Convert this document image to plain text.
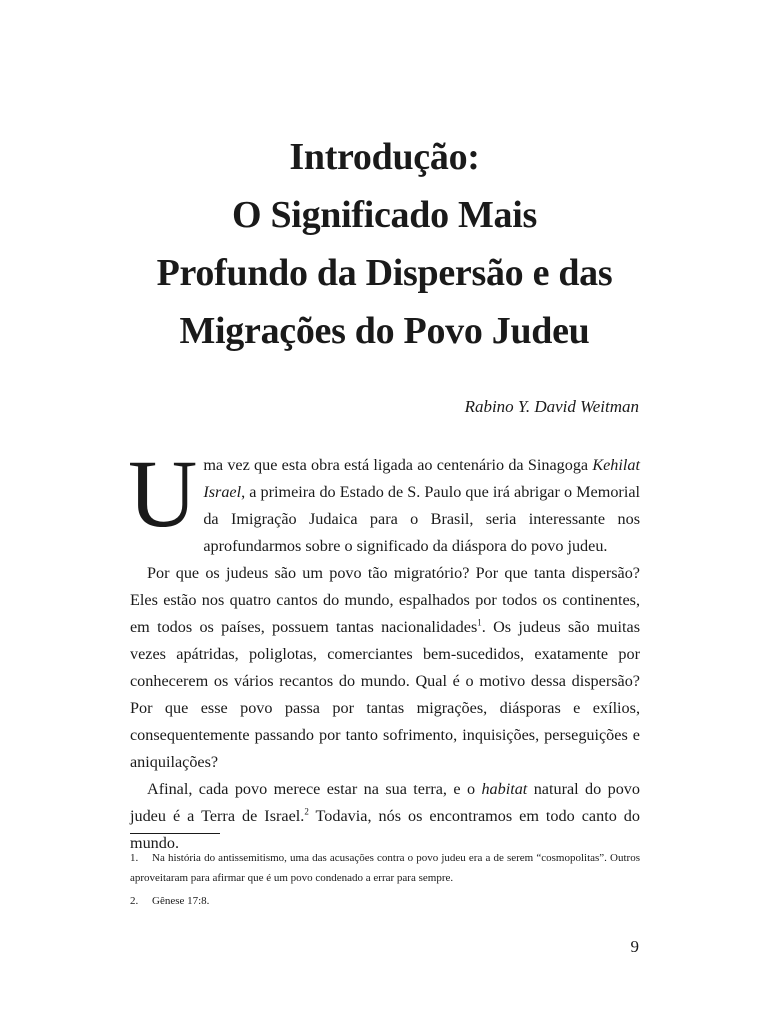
Introdução:
O Significado Mais
Profundo da Dispersão e das
Migrações do Povo Judeu
Rabino Y. David Weitman

Uma vez que esta obra está ligada ao centenário da Sinagoga Kehilat Israel, a primeira do Estado de S. Paulo que irá abrigar o Memorial da Imigração Judaica para o Brasil, seria interessante nos aprofundarmos sobre o significado da diáspora do povo judeu.

Por que os judeus são um povo tão migratório? Por que tanta dispersão? Eles estão nos quatro cantos do mundo, espalhados por todos os continentes, em todos os países, possuem tantas nacionalidades$^1$. Os judeus são muitas vezes apátridas, poliglotas, comerciantes bem-sucedidos, exatamente por conhecerem os vários recantos do mundo. Qual é o motivo dessa dispersão? Por que esse povo passa por tantas migrações, diásporas e exílios, consequentemente passando por tanto sofrimento, inquisições, perseguições e aniquilações?

Afinal, cada povo merece estar na sua terra, e o habitat natural do povo judeu é a Terra de Israel.$^2$ Todavia, nós os encontramos em todo canto do mundo.

1. Na história do antissemitismo, uma das acusações contra o povo judeu era a de serem “cosmopolitas”. Outros aproveitaram para afirmar que é um povo condenado a errar para sempre.

2. Gênese 17:8.

9
